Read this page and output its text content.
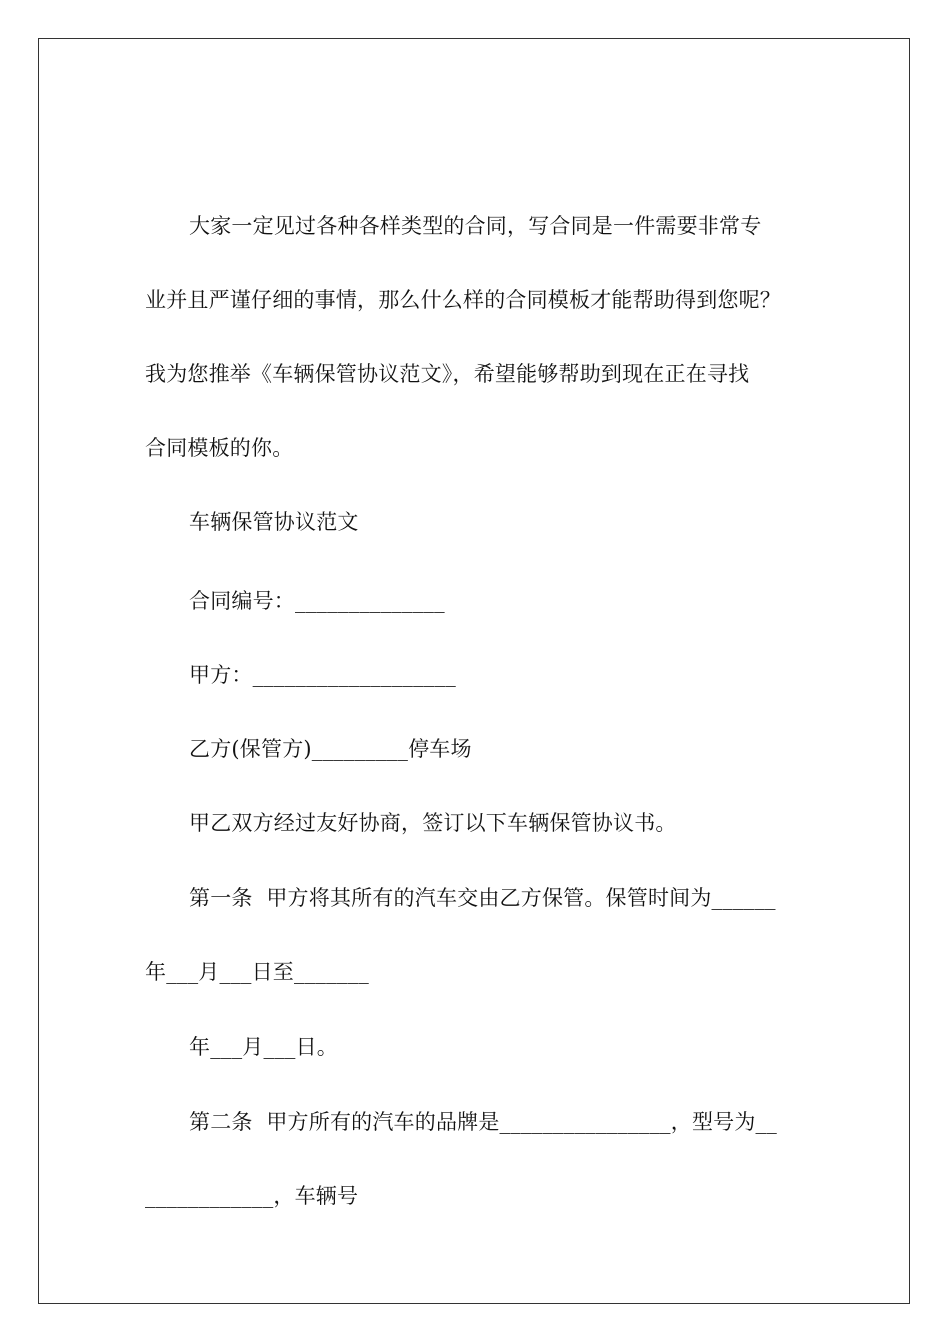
大家一定见过各种各样类型的合同，写合同是一件需要非常专
业并且严谨仔细的事情，那么什么样的合同模板才能帮助得到您呢？
我为您推举《车辆保管协议范文》，希望能够帮助到现在正在寻找
合同模板的你。
车辆保管协议范文
合同编号：______________
甲方：___________________
乙方(保管方)_________停车场
甲乙双方经过友好协商，签订以下车辆保管协议书。
第一条  甲方将其所有的汽车交由乙方保管。保管时间为______
年___月___日至_______
年___月___日。
第二条  甲方所有的汽车的品牌是________________，型号为__
____________，车辆号
